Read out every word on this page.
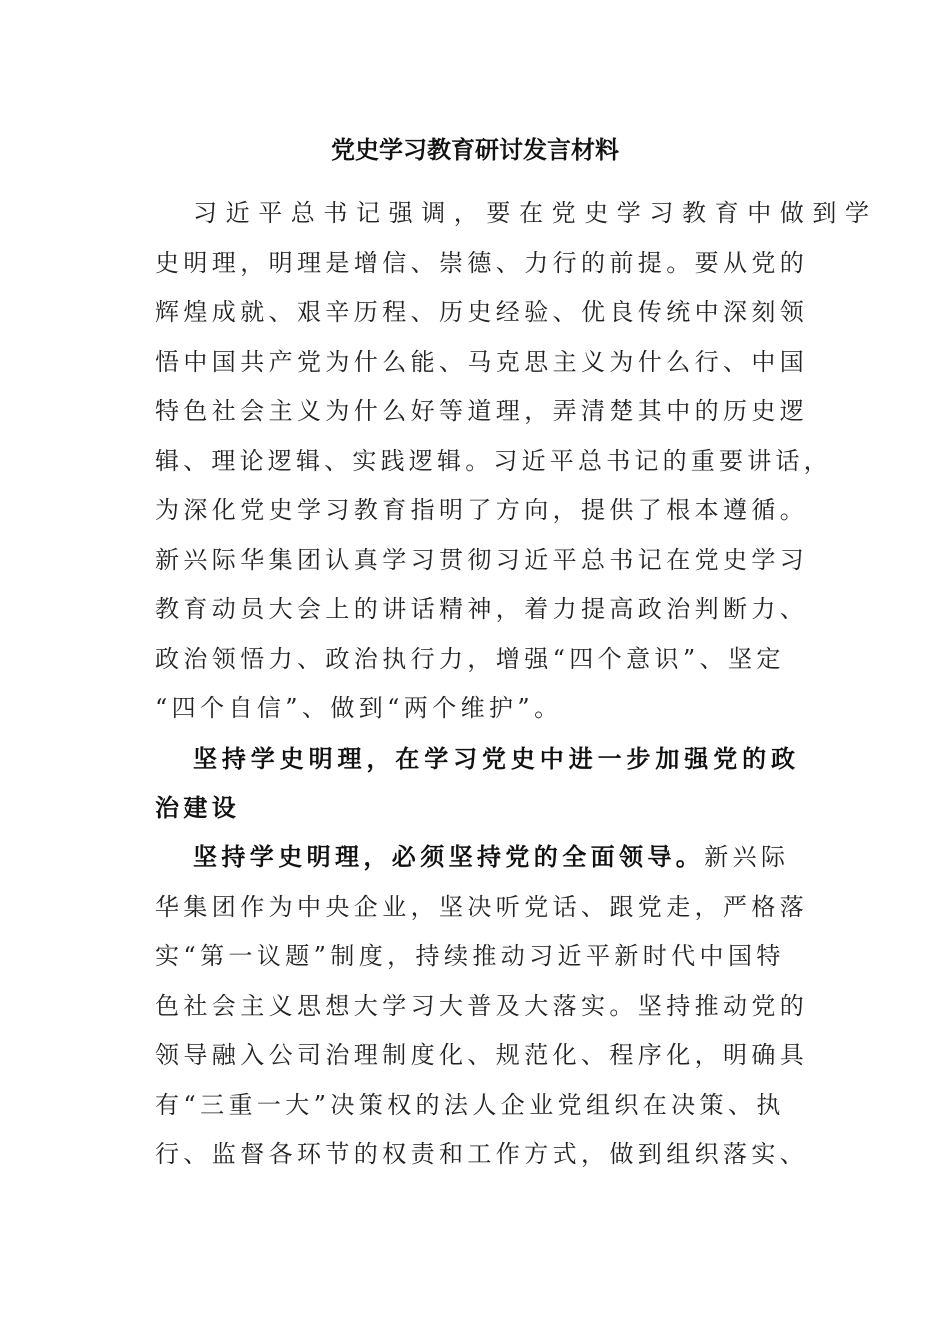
党史学习教育研讨发言材料

习近平总书记强调，要在党史学习教育中做到学

史明理，明理是增信、崇德、力行的前提。要从党的

辉煌成就、艰辛历程、历史经验、优良传统中深刻领

悟中国共产党为什么能、马克思主义为什么行、中国

特色社会主义为什么好等道理，弄清楚其中的历史逻

辑、理论逻辑、实践逻辑。习近平总书记的重要讲话，

为深化党史学习教育指明了方向，提供了根本遵循。

新兴际华集团认真学习贯彻习近平总书记在党史学习

教育动员大会上的讲话精神，着力提高政治判断力、

政治领悟力、政治执行力，增强“四个意识”、坚定

“四个自信”、做到“两个维护”。

坚持学史明理，在学习党史中进一步加强党的政

治建设

坚持学史明理，必须坚持党的全面领导。新兴际

华集团作为中央企业，坚决听党话、跟党走，严格落

实“第一议题”制度，持续推动习近平新时代中国特

色社会主义思想大学习大普及大落实。坚持推动党的

领导融入公司治理制度化、规范化、程序化，明确具

有“三重一大”决策权的法人企业党组织在决策、执

行、监督各环节的权责和工作方式，做到组织落实、
